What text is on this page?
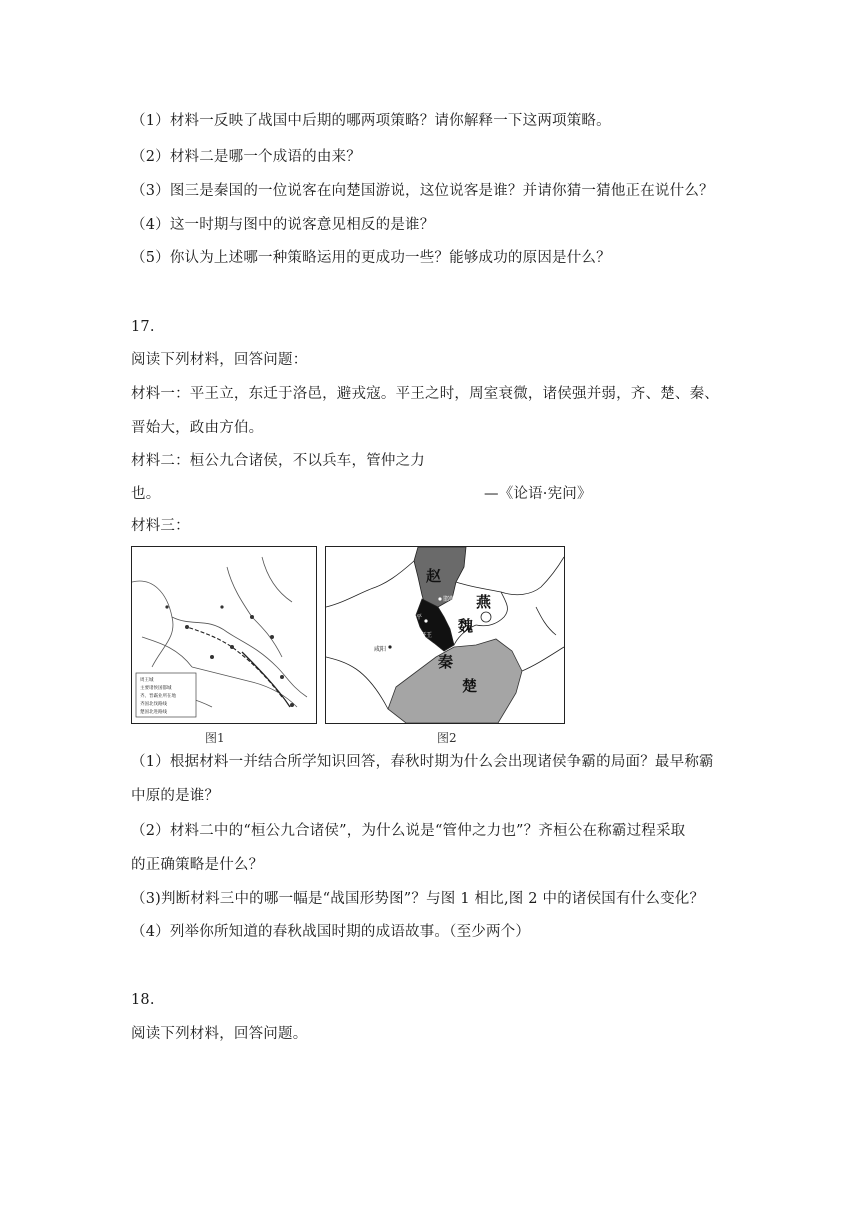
（1）材料一反映了战国中后期的哪两项策略？请你解释一下这两项策略。
（2）材料二是哪一个成语的由来？
（3）图三是秦国的一位说客在向楚国游说，这位说客是谁？并请你猜一猜他正在说什么？
（4）这一时期与图中的说客意见相反的是谁？
（5）你认为上述哪一种策略运用的更成功一些？能够成功的原因是什么？
17.
阅读下列材料，回答问题：
材料一：平王立，东迁于洛邑，避戎寇。平王之时，周室衰微，诸侯强并弱，齐、楚、秦、
晋始大，政由方伯。
材料二：桓公九合诸侯，不以兵车，管仲之力
也。	—《论语·宪问》
材料三：
周王城
主要诸侯国都城
齐、晋霸业所在地
齐国北伐路线
楚国北进路线
图1
赵
燕
魏
秦
楚
邯郸
长平
野王
咸阳
图2
（1）根据材料一并结合所学知识回答，春秋时期为什么会出现诸侯争霸的局面？最早称霸
中原的是谁？
（2）材料二中的“桓公九合诸侯”，为什么说是“管仲之力也”？齐桓公在称霸过程采取
的正确策略是什么？
（3)判断材料三中的哪一幅是“战国形势图”？与图 1 相比,图 2 中的诸侯国有什么变化？
（4）列举你所知道的春秋战国时期的成语故事。（至少两个）
18.
阅读下列材料，回答问题。
